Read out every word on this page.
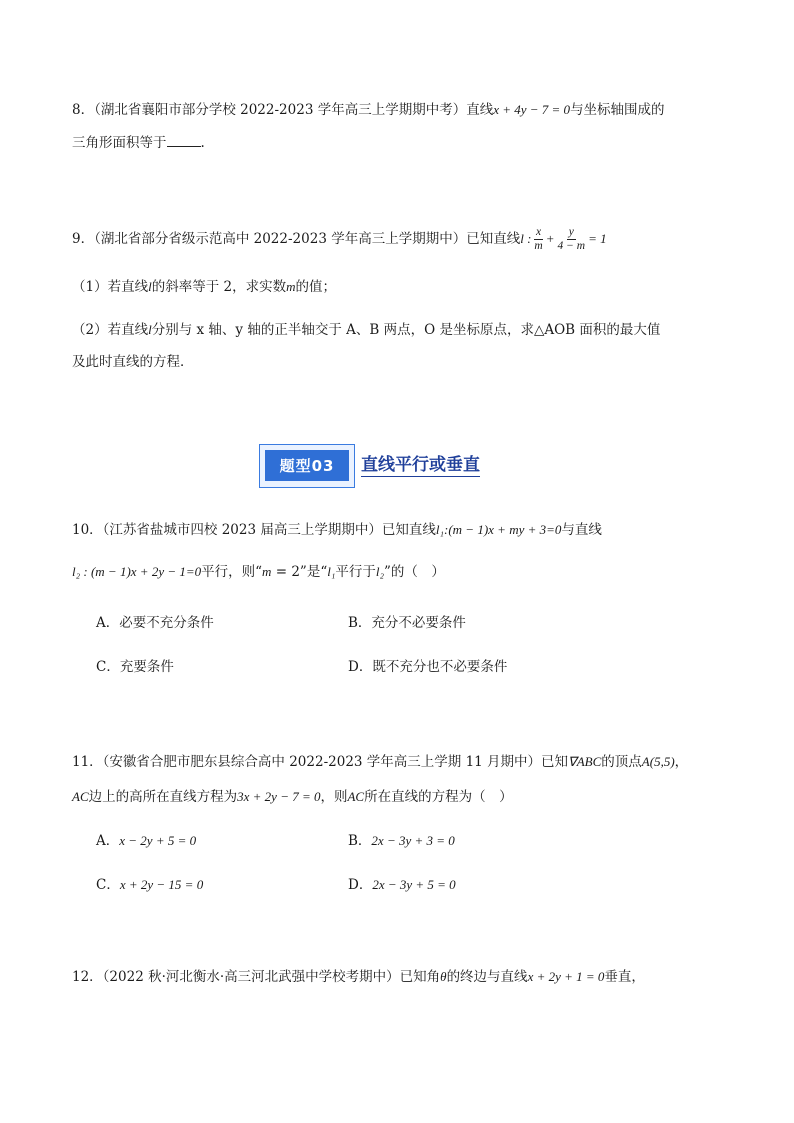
8．（湖北省襄阳市部分学校 2022-2023 学年高三上学期期中考）直线x + 4y − 7 = 0与坐标轴围成的
三角形面积等于	.
9．（湖北省部分省级示范高中 2022-2023 学年高三上学期期中）已知直线l : $\frac{x}{m} + \frac{y}{4 - m} = 1$
（1）若直线l的斜率等于 2，求实数m的值；
（2）若直线l分别与 x 轴、y 轴的正半轴交于 A、B 两点，O 是坐标原点，求△AOB 面积的最大值
及此时直线的方程．
题型03	直线平行或垂直
10．（江苏省盐城市四校 2023 届高三上学期期中）已知直线l₁:(m − 1)x + my + 3=0与直线
l₂ : (m − 1)x + 2y − 1=0平行，则“m = 2”是“l₁平行于l₂”的（　）
A．必要不充分条件	B．充分不必要条件
C．充要条件	D．既不充分也不必要条件
11．（安徽省合肥市肥东县综合高中 2022-2023 学年高三上学期 11 月期中）已知∇ABC的顶点A(5,5)，
AC边上的高所在直线方程为3x + 2y − 7 = 0，则AC所在直线的方程为（　）
A．x − 2y + 5 = 0	B．2x − 3y + 3 = 0
C．x + 2y − 15 = 0	D．2x − 3y + 5 = 0
12．（2022 秋·河北衡水·高三河北武强中学校考期中）已知角θ的终边与直线x + 2y + 1 = 0垂直，
